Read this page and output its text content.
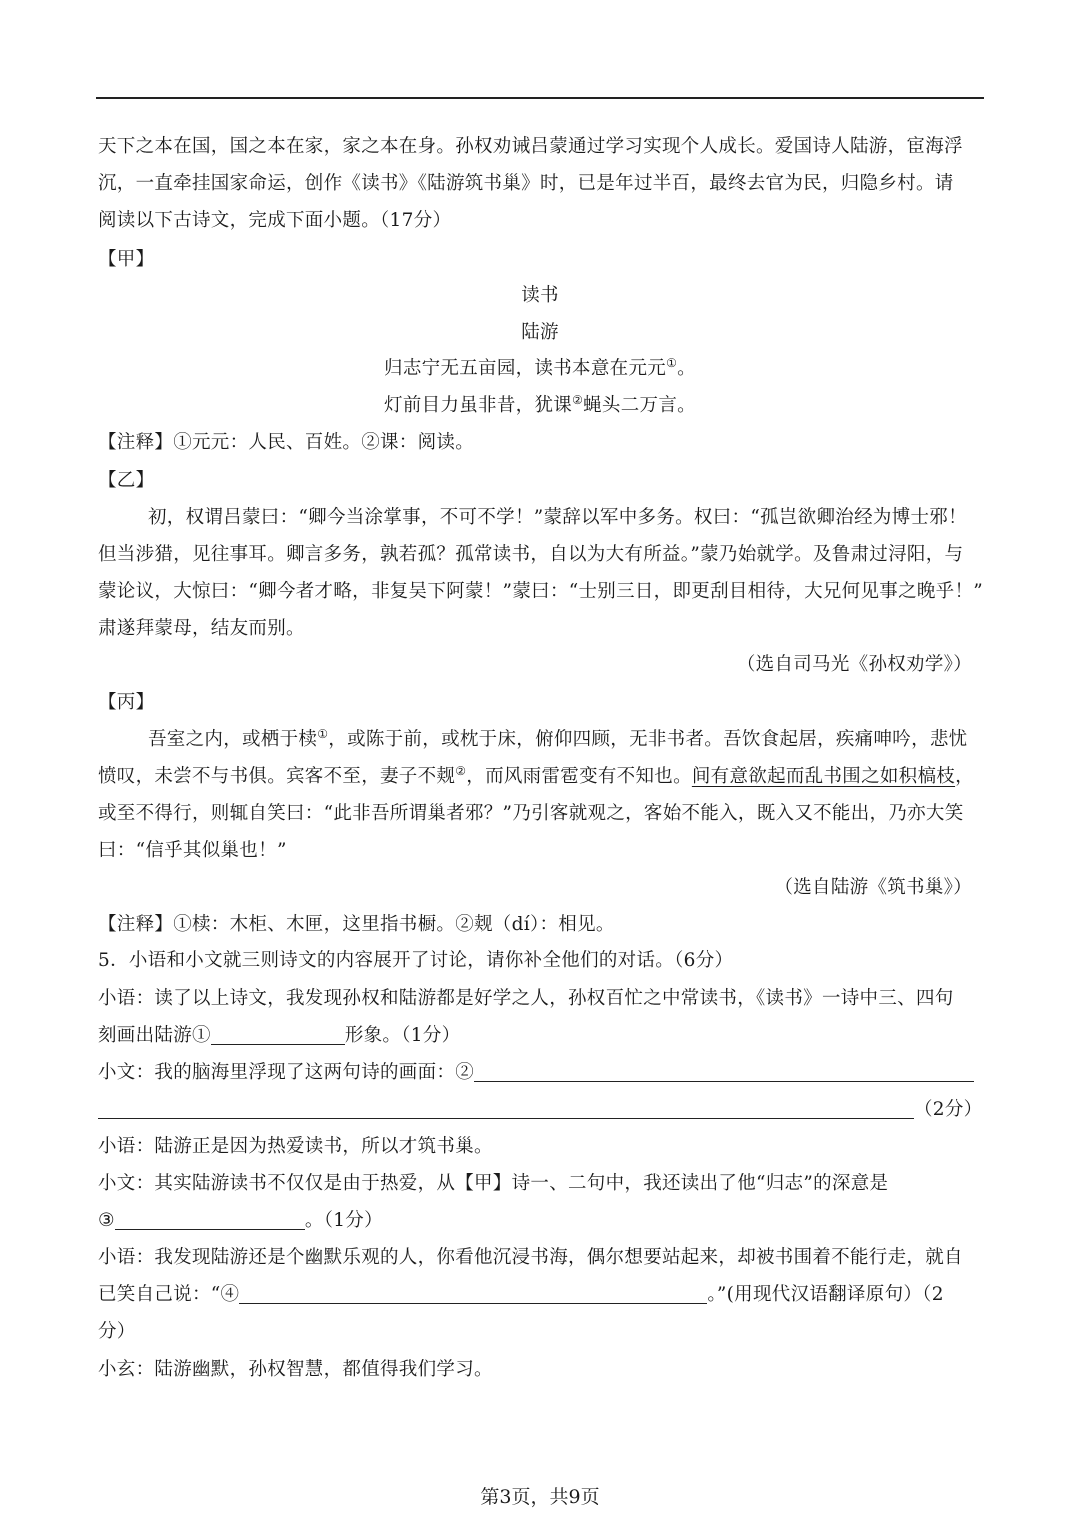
天下之本在国，国之本在家，家之本在身。孙权劝诫吕蒙通过学习实现个人成长。爱国诗人陆游，宦海浮
沉，一直牵挂国家命运，创作《读书》《陆游筑书巢》时，已是年过半百，最终去官为民，归隐乡村。请
阅读以下古诗文，完成下面小题。（17分）
【甲】
读书
陆游
归志宁无五亩园，读书本意在元元①。
灯前目力虽非昔，犹课②蝇头二万言。
【注释】①元元：人民、百姓。②课：阅读。
【乙】
初，权谓吕蒙曰：“卿今当涂掌事，不可不学！”蒙辞以军中多务。权曰：“孤岂欲卿治经为博士邪！
但当涉猎，见往事耳。卿言多务，孰若孤？孤常读书，自以为大有所益。”蒙乃始就学。及鲁肃过浔阳，与
蒙论议，大惊曰：“卿今者才略，非复吴下阿蒙！”蒙曰：“士别三日，即更刮目相待，大兄何见事之晚乎！”
肃遂拜蒙母，结友而别。
（选自司马光《孙权劝学》）
【丙】
吾室之内，或栖于椟①，或陈于前，或枕于床，俯仰四顾，无非书者。吾饮食起居，疾痛呻吟，悲忧
愤叹，未尝不与书俱。宾客不至，妻子不觌②，而风雨雷雹变有不知也。间有意欲起而乱书围之如积槁枝，
或至不得行，则辄自笑曰：“此非吾所谓巢者邪？”乃引客就观之，客始不能入，既入又不能出，乃亦大笑
曰：“信乎其似巢也！”
（选自陆游《筑书巢》）
【注释】①椟：木柜、木匣，这里指书橱。②觌（dí）：相见。
5．小语和小文就三则诗文的内容展开了讨论，请你补全他们的对话。（6分）
小语：读了以上诗文，我发现孙权和陆游都是好学之人，孙权百忙之中常读书，《读书》一诗中三、四句
刻画出陆游①	形象。（1分）
小文：我的脑海里浮现了这两句诗的画面：②
（2分）
小语：陆游正是因为热爱读书，所以才筑书巢。
小文：其实陆游读书不仅仅是由于热爱，从【甲】诗一、二句中，我还读出了他“归志”的深意是
③	。（1分）
小语：我发现陆游还是个幽默乐观的人，你看他沉浸书海，偶尔想要站起来，却被书围着不能行走，就自
已笑自己说：“④	。”(用现代汉语翻译原句）（2
分）
小玄：陆游幽默，孙权智慧，都值得我们学习。
第3页，共9页
